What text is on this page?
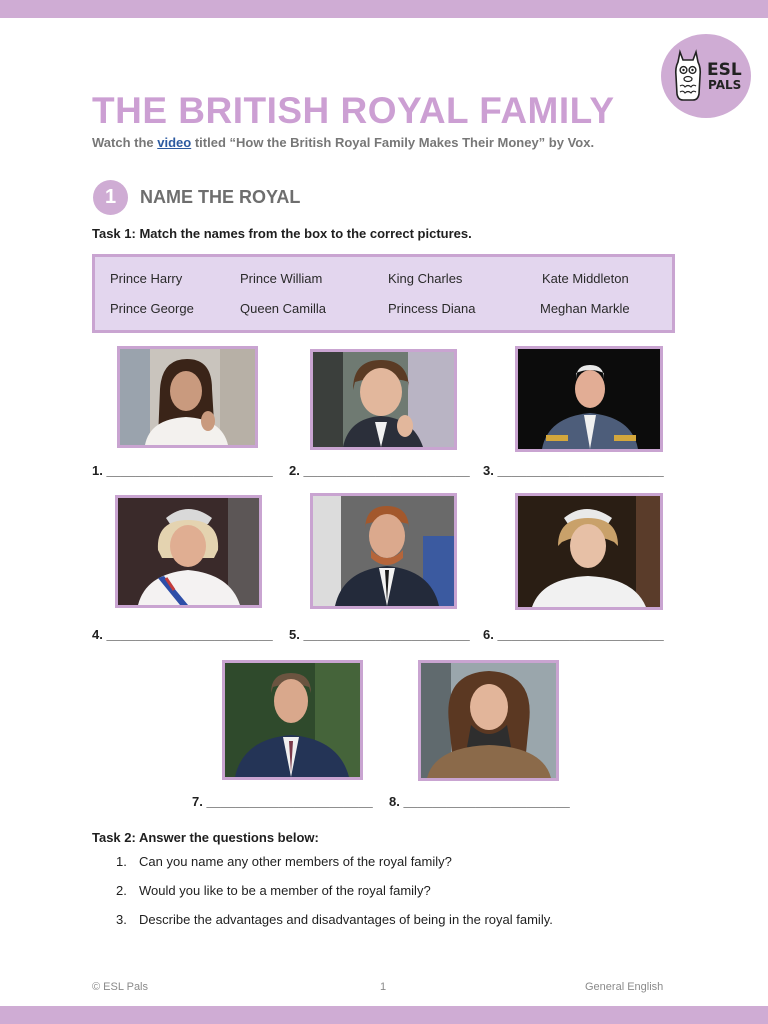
ESL
PALS
THE BRITISH ROYAL FAMILY
Watch the video titled “How the British Royal Family Makes Their Money” by Vox.
1	NAME THE ROYAL
Task 1: Match the names from the box to the correct pictures.
Prince Harry	Prince William	King Charles	Kate Middleton
Prince George	Queen Camilla	Princess Diana	Meghan Markle
1. _______________________ 2. _______________________ 3. _______________________
4. _______________________ 5. _______________________ 6. _______________________
7. _______________________ 8. _______________________
Task 2: Answer the questions below:
1. Can you name any other members of the royal family?
2. Would you like to be a member of the royal family?
3. Describe the advantages and disadvantages of being in the royal family.
© ESL Pals	1	General English
